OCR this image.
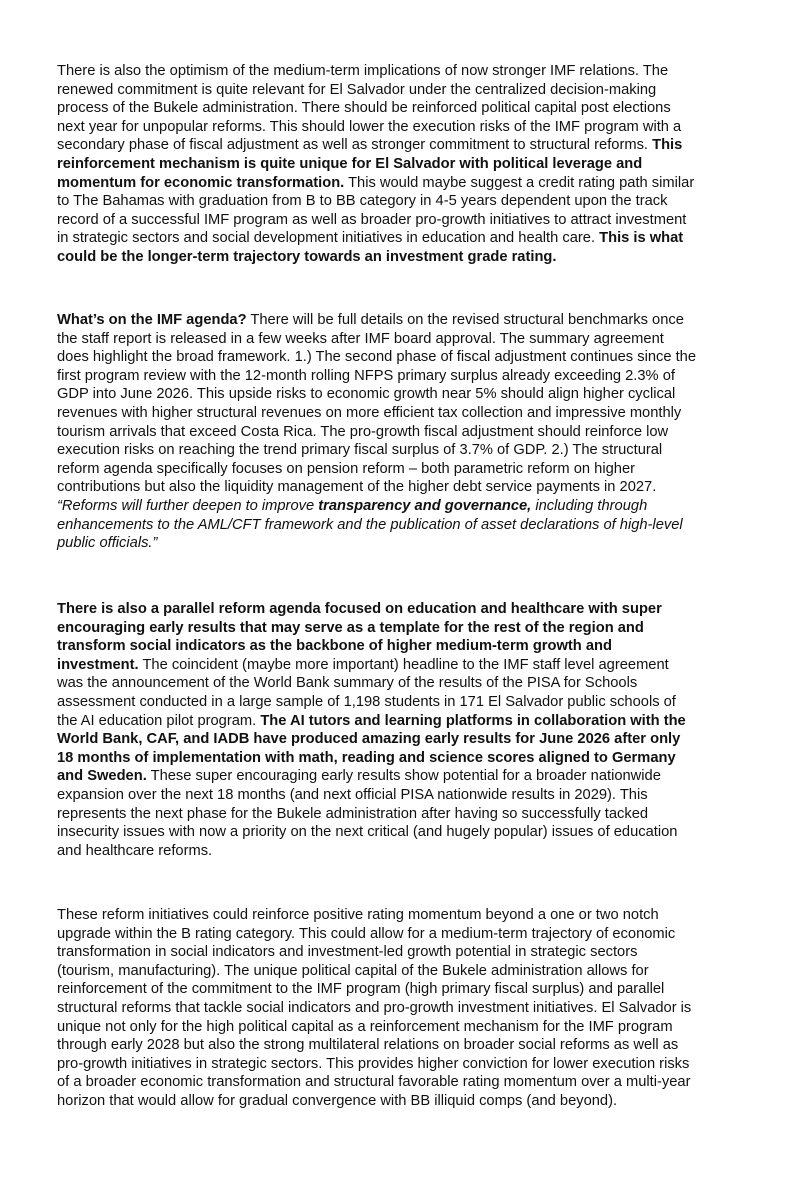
There is also the optimism of the medium-term implications of now stronger IMF relations. The renewed commitment is quite relevant for El Salvador under the centralized decision-making process of the Bukele administration. There should be reinforced political capital post elections next year for unpopular reforms. This should lower the execution risks of the IMF program with a secondary phase of fiscal adjustment as well as stronger commitment to structural reforms. This reinforcement mechanism is quite unique for El Salvador with political leverage and momentum for economic transformation. This would maybe suggest a credit rating path similar to The Bahamas with graduation from B to BB category in 4-5 years dependent upon the track record of a successful IMF program as well as broader pro-growth initiatives to attract investment in strategic sectors and social development initiatives in education and health care. This is what could be the longer-term trajectory towards an investment grade rating.

What’s on the IMF agenda? There will be full details on the revised structural benchmarks once the staff report is released in a few weeks after IMF board approval. The summary agreement does highlight the broad framework. 1.) The second phase of fiscal adjustment continues since the first program review with the 12-month rolling NFPS primary surplus already exceeding 2.3% of GDP into June 2026. This upside risks to economic growth near 5% should align higher cyclical revenues with higher structural revenues on more efficient tax collection and impressive monthly tourism arrivals that exceed Costa Rica. The pro-growth fiscal adjustment should reinforce low execution risks on reaching the trend primary fiscal surplus of 3.7% of GDP. 2.) The structural reform agenda specifically focuses on pension reform – both parametric reform on higher contributions but also the liquidity management of the higher debt service payments in 2027. “Reforms will further deepen to improve transparency and governance, including through enhancements to the AML/CFT framework and the publication of asset declarations of high-level public officials.”

There is also a parallel reform agenda focused on education and healthcare with super encouraging early results that may serve as a template for the rest of the region and transform social indicators as the backbone of higher medium-term growth and investment. The coincident (maybe more important) headline to the IMF staff level agreement was the announcement of the World Bank summary of the results of the PISA for Schools assessment conducted in a large sample of 1,198 students in 171 El Salvador public schools of the AI education pilot program. The AI tutors and learning platforms in collaboration with the World Bank, CAF, and IADB have produced amazing early results for June 2026 after only 18 months of implementation with math, reading and science scores aligned to Germany and Sweden. These super encouraging early results show potential for a broader nationwide expansion over the next 18 months (and next official PISA nationwide results in 2029). This represents the next phase for the Bukele administration after having so successfully tacked insecurity issues with now a priority on the next critical (and hugely popular) issues of education and healthcare reforms.

These reform initiatives could reinforce positive rating momentum beyond a one or two notch upgrade within the B rating category. This could allow for a medium-term trajectory of economic transformation in social indicators and investment-led growth potential in strategic sectors (tourism, manufacturing). The unique political capital of the Bukele administration allows for reinforcement of the commitment to the IMF program (high primary fiscal surplus) and parallel structural reforms that tackle social indicators and pro-growth investment initiatives. El Salvador is unique not only for the high political capital as a reinforcement mechanism for the IMF program through early 2028 but also the strong multilateral relations on broader social reforms as well as pro-growth initiatives in strategic sectors. This provides higher conviction for lower execution risks of a broader economic transformation and structural favorable rating momentum over a multi-year horizon that would allow for gradual convergence with BB illiquid comps (and beyond).
